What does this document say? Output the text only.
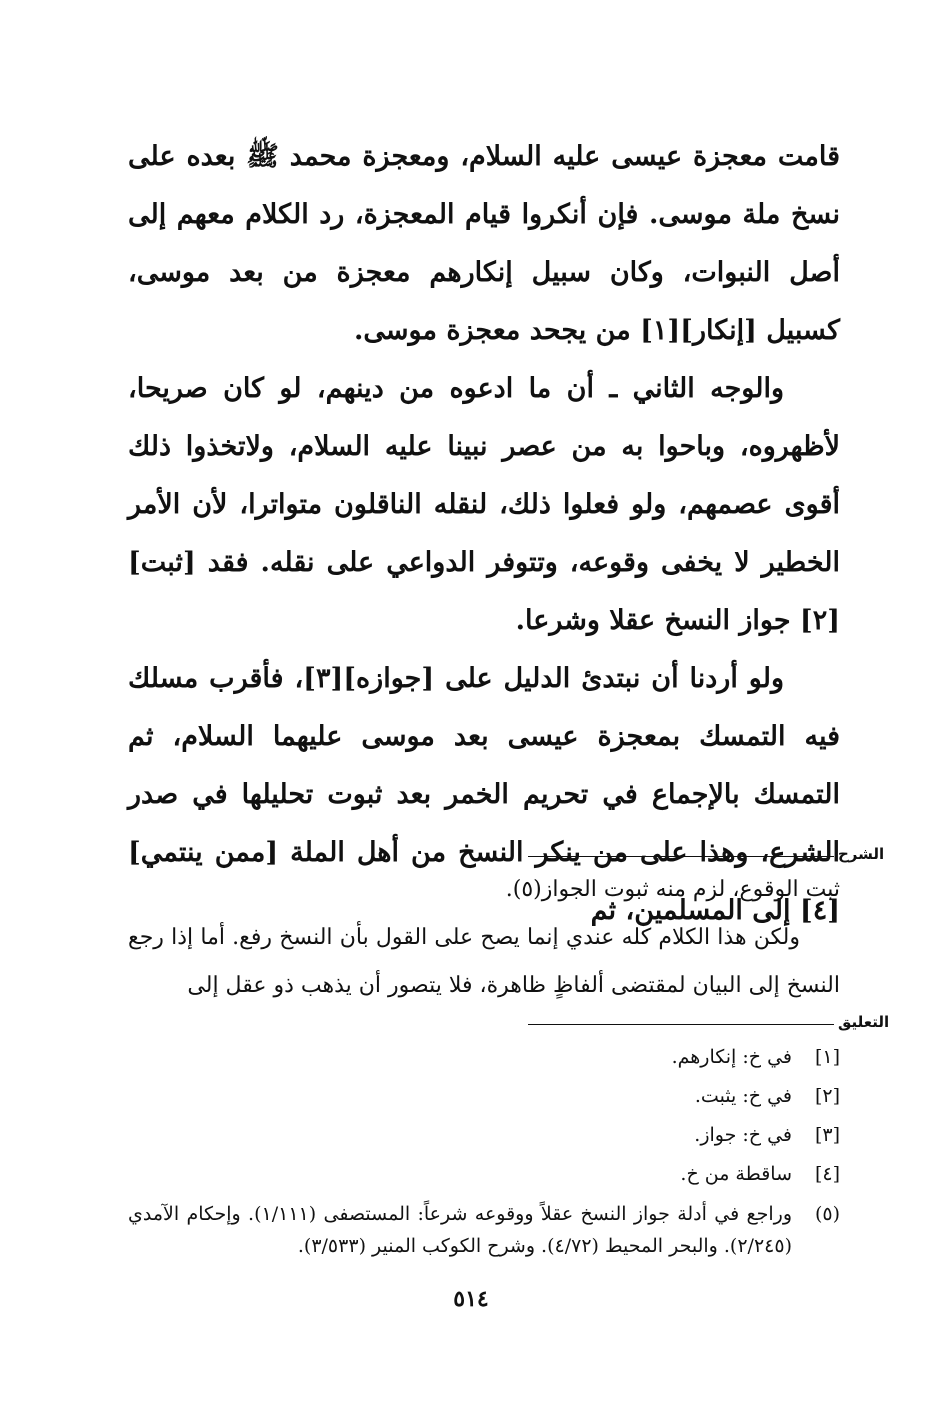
قامت معجزة عيسى عليه السلام، ومعجزة محمد ﷺ بعده على نسخ ملة موسى. فإن أنكروا قيام المعجزة، رد الكلام معهم إلى أصل النبوات، وكان سبيل إنكارهم معجزة من بعد موسى، كسبيل [إنكار][١] من يجحد معجزة موسى.

والوجه الثاني ـ أن ما ادعوه من دينهم، لو كان صريحا، لأظهروه، وباحوا به من عصر نبينا عليه السلام، ولاتخذوا ذلك أقوى عصمهم، ولو فعلوا ذلك، لنقله الناقلون متواترا، لأن الأمر الخطير لا يخفى وقوعه، وتتوفر الدواعي على نقله. فقد [ثبت][٢] جواز النسخ عقلا وشرعا.

ولو أردنا أن نبتدئ الدليل على [جوازه][٣]، فأقرب مسلك فيه التمسك بمعجزة عيسى بعد موسى عليهما السلام، ثم التمسك بالإجماع في تحريم الخمر بعد ثبوت تحليلها في صدر الشرع، وهذا على من ينكر النسخ من أهل الملة [ممن ينتمي][٤] إلى المسلمين، ثم

الشرح

ثبت الوقوع، لزم منه ثبوت الجواز(٥).

ولكن هذا الكلام كله عندي إنما يصح على القول بأن النسخ رفع. أما إذا رجع النسخ إلى البيان لمقتضى ألفاظٍ ظاهرة، فلا يتصور أن يذهب ذو عقل إلى

التعليق
[١]
في خ: إنكارهم.
[٢]
في خ: يثبت.
[٣]
في خ: جواز.
[٤]
ساقطة من خ.
(٥)
وراجع في أدلة جواز النسخ عقلاً ووقوعه شرعاً: المستصفى (١/١١١). وإحكام الآمدي (٢/٢٤٥). والبحر المحيط (٤/٧٢). وشرح الكوكب المنير (٣/٥٣٣).
٥١٤
